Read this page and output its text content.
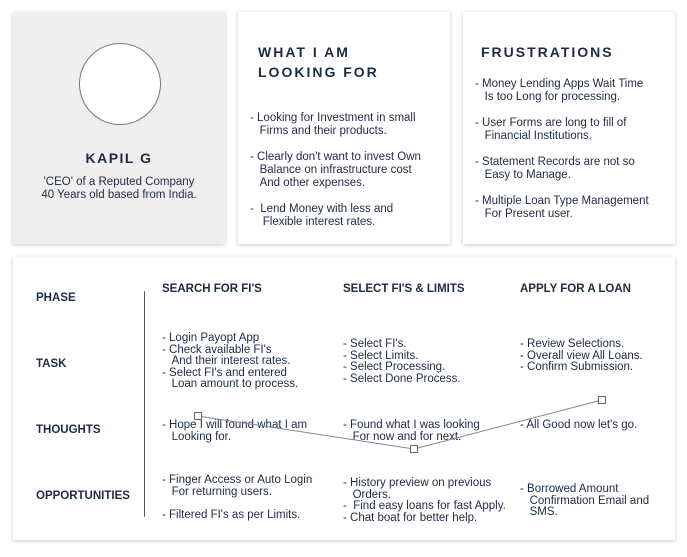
KAPIL G

'CEO' of a Reputed Company
40 Years old based from India.

WHAT I AM
LOOKING FOR
- Looking for Investment in small
Firms and their products.
- Clearly don't want to invest Own
Balance on infrastructure cost
And other expenses.
-  Lend Money with less and
Flexible interest rates.
FRUSTRATIONS
- Money Lending Apps Wait Time
Is too Long for processing.
- User Forms are long to fill of
Financial Institutions.
- Statement Records are not so
Easy to Manage.
- Multiple Loan Type Management
For Present user.
PHASE
TASK
THOUGHTS
OPPORTUNITIES
SEARCH FOR FI'S	SELECT FI'S & LIMITS	APPLY FOR A LOAN
- Login Payopt App
- Check available FI's
And their interest rates.
- Select FI's and entered
Loan amount to process.
- Select FI's.
- Select Limits.
- Select Processing.
- Select Done Process.
- Review Selections.
- Overall view All Loans.
- Confirm Submission.
- Hope I will found what I am
Looking for.
- Found what I was looking
For now and for next.
- All Good now let's go.
- Finger Access or Auto Login
For returning users.
- Filtered FI's as per Limits.
- History preview on previous
Orders.
-  Find easy loans for fast Apply.
- Chat boat for better help.
- Borrowed Amount
Confirmation Email and
SMS.
